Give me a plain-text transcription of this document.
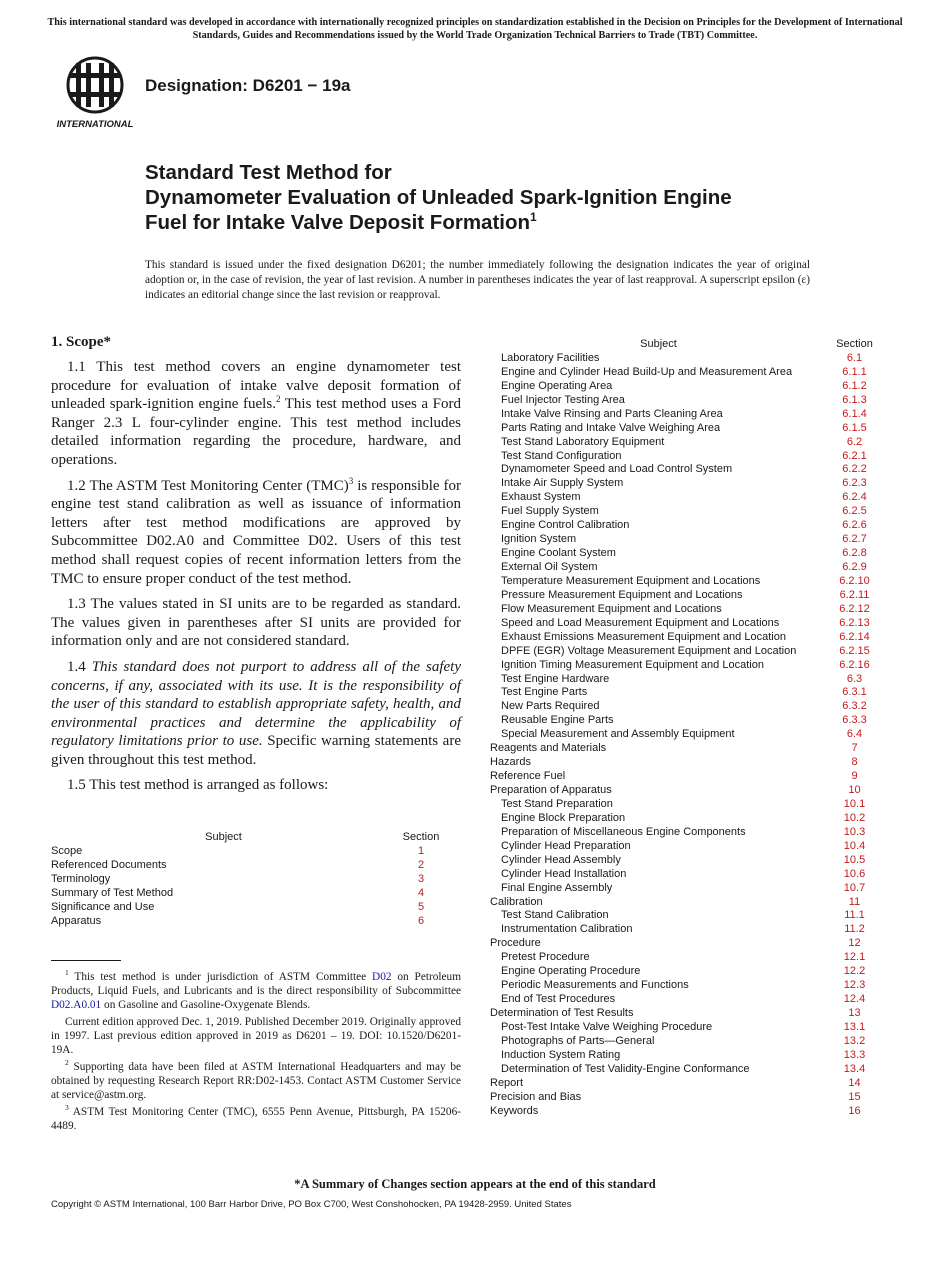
This international standard was developed in accordance with internationally recognized principles on standardization established in the Decision on Principles for the Development of International Standards, Guides and Recommendations issued by the World Trade Organization Technical Barriers to Trade (TBT) Committee.
INTERNATIONAL
Designation: D6201 − 19a
Standard Test Method for
Dynamometer Evaluation of Unleaded Spark-Ignition Engine
Fuel for Intake Valve Deposit Formation$^1$
This standard is issued under the fixed designation D6201; the number immediately following the designation indicates the year of original adoption or, in the case of revision, the year of last revision. A number in parentheses indicates the year of last reapproval. A superscript epsilon (ε) indicates an editorial change since the last revision or reapproval.
1. Scope*

1.1 This test method covers an engine dynamometer test procedure for evaluation of intake valve deposit formation of unleaded spark-ignition engine fuels.$^2$ This test method uses a Ford Ranger 2.3 L four-cylinder engine. This test method includes detailed information regarding the procedure, hardware, and operations.

1.2 The ASTM Test Monitoring Center (TMC)$^3$ is responsible for engine test stand calibration as well as issuance of information letters after test method modifications are approved by Subcommittee D02.A0 and Committee D02. Users of this test method shall request copies of recent information letters from the TMC to ensure proper conduct of the test method.

1.3 The values stated in SI units are to be regarded as standard. The values given in parentheses after SI units are provided for information only and are not considered standard.

1.4 This standard does not purport to address all of the safety concerns, if any, associated with its use. It is the responsibility of the user of this standard to establish appropriate safety, health, and environmental practices and determine the applicability of regulatory limitations prior to use. Specific warning statements are given throughout this test method.

1.5 This test method is arranged as follows:

Subject	Section
Scope	1
Referenced Documents	2
Terminology	3
Summary of Test Method	4
Significance and Use	5
Apparatus	6

$^1$ This test method is under jurisdiction of ASTM Committee D02 on Petroleum Products, Liquid Fuels, and Lubricants and is the direct responsibility of Subcommittee D02.A0.01 on Gasoline and Gasoline-Oxygenate Blends.

Current edition approved Dec. 1, 2019. Published December 2019. Originally approved in 1997. Last previous edition approved in 2019 as D6201 – 19. DOI: 10.1520/D6201-19A.

$^2$ Supporting data have been filed at ASTM International Headquarters and may be obtained by requesting Research Report RR:D02-1453. Contact ASTM Customer Service at service@astm.org.

$^3$ ASTM Test Monitoring Center (TMC), 6555 Penn Avenue, Pittsburgh, PA 15206-4489.

Subject	Section
Laboratory Facilities	6.1
Engine and Cylinder Head Build-Up and Measurement Area	6.1.1
Engine Operating Area	6.1.2
Fuel Injector Testing Area	6.1.3
Intake Valve Rinsing and Parts Cleaning Area	6.1.4
Parts Rating and Intake Valve Weighing Area	6.1.5
Test Stand Laboratory Equipment	6.2
Test Stand Configuration	6.2.1
Dynamometer Speed and Load Control System	6.2.2
Intake Air Supply System	6.2.3
Exhaust System	6.2.4
Fuel Supply System	6.2.5
Engine Control Calibration	6.2.6
Ignition System	6.2.7
Engine Coolant System	6.2.8
External Oil System	6.2.9
Temperature Measurement Equipment and Locations	6.2.10
Pressure Measurement Equipment and Locations	6.2.11
Flow Measurement Equipment and Locations	6.2.12
Speed and Load Measurement Equipment and Locations	6.2.13
Exhaust Emissions Measurement Equipment and Location	6.2.14
DPFE (EGR) Voltage Measurement Equipment and Location	6.2.15
Ignition Timing Measurement Equipment and Location	6.2.16
Test Engine Hardware	6.3
Test Engine Parts	6.3.1
New Parts Required	6.3.2
Reusable Engine Parts	6.3.3
Special Measurement and Assembly Equipment	6.4
Reagents and Materials	7
Hazards	8
Reference Fuel	9
Preparation of Apparatus	10
Test Stand Preparation	10.1
Engine Block Preparation	10.2
Preparation of Miscellaneous Engine Components	10.3
Cylinder Head Preparation	10.4
Cylinder Head Assembly	10.5
Cylinder Head Installation	10.6
Final Engine Assembly	10.7
Calibration	11
Test Stand Calibration	11.1
Instrumentation Calibration	11.2
Procedure	12
Pretest Procedure	12.1
Engine Operating Procedure	12.2
Periodic Measurements and Functions	12.3
End of Test Procedures	12.4
Determination of Test Results	13
Post-Test Intake Valve Weighing Procedure	13.1
Photographs of Parts—General	13.2
Induction System Rating	13.3
Determination of Test Validity-Engine Conformance	13.4
Report	14
Precision and Bias	15
Keywords	16
*A Summary of Changes section appears at the end of this standard
Copyright © ASTM International, 100 Barr Harbor Drive, PO Box C700, West Conshohocken, PA 19428-2959. United States
